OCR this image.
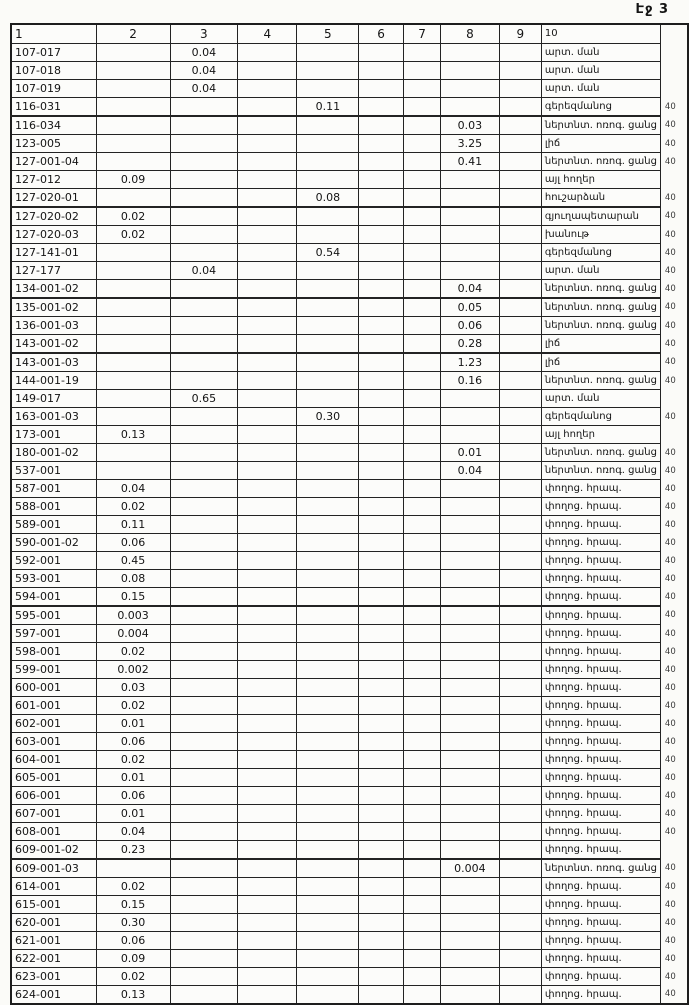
Էջ 3
1	2	3	4	5	6	7	8	9	10	
107-017		0.04							արտ. ման	
107-018		0.04							արտ. ման	
107-019		0.04							արտ. ման	
116-031				0.11					գերեզմանոց	40
116-034							0.03		ներտնտ. ոռոգ. ցանց	40
123-005							3.25		լիճ	40
127-001-04							0.41		ներտնտ. ոռոգ. ցանց	40
127-012	0.09								այլ հողեր	
127-020-01				0.08					հուշարձան	40
127-020-02	0.02								գյուղապետարան	40
127-020-03	0.02								խանութ	40
127-141-01				0.54					գերեզմանոց	40
127-177		0.04							արտ. ման	40
134-001-02							0.04		ներտնտ. ոռոգ. ցանց	40
135-001-02							0.05		ներտնտ. ոռոգ. ցանց	40
136-001-03							0.06		ներտնտ. ոռոգ. ցանց	40
143-001-02							0.28		լիճ	40
143-001-03							1.23		լիճ	40
144-001-19							0.16		ներտնտ. ոռոգ. ցանց	40
149-017		0.65							արտ. ման	
163-001-03				0.30					գերեզմանոց	40
173-001	0.13								այլ հողեր	
180-001-02							0.01		ներտնտ. ոռոգ. ցանց	40
537-001							0.04		ներտնտ. ոռոգ. ցանց	40
587-001	0.04								փողոց. հրապ.	40
588-001	0.02								փողոց. հրապ.	40
589-001	0.11								փողոց. հրապ.	40
590-001-02	0.06								փողոց. հրապ.	40
592-001	0.45								փողոց. հրապ.	40
593-001	0.08								փողոց. հրապ.	40
594-001	0.15								փողոց. հրապ.	40
595-001	0.003								փողոց. հրապ.	40
597-001	0.004								փողոց. հրապ.	40
598-001	0.02								փողոց. հրապ.	40
599-001	0.002								փողոց. հրապ.	40
600-001	0.03								փողոց. հրապ.	40
601-001	0.02								փողոց. հրապ.	40
602-001	0.01								փողոց. հրապ.	40
603-001	0.06								փողոց. հրապ.	40
604-001	0.02								փողոց. հրապ.	40
605-001	0.01								փողոց. հրապ.	40
606-001	0.06								փողոց. հրապ.	40
607-001	0.01								փողոց. հրապ.	40
608-001	0.04								փողոց. հրապ.	40
609-001-02	0.23								փողոց. հրապ.	
609-001-03							0.004		ներտնտ. ոռոգ. ցանց	40
614-001	0.02								փողոց. հրապ.	40
615-001	0.15								փողոց. հրապ.	40
620-001	0.30								փողոց. հրապ.	40
621-001	0.06								փողոց. հրապ.	40
622-001	0.09								փողոց. հրապ.	40
623-001	0.02								փողոց. հրապ.	40
624-001	0.13								փողոց. հրապ.	40
